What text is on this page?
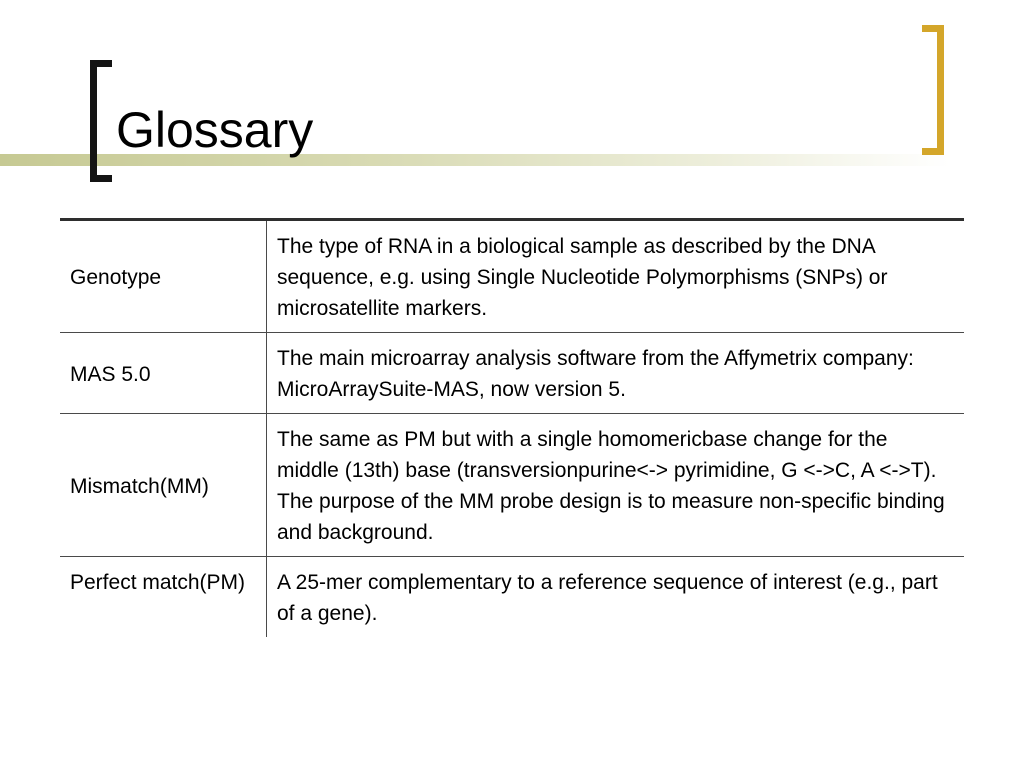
Glossary
Genotype	The type of RNA in a biological sample as described by the DNA sequence, e.g. using Single Nucleotide Polymorphisms (SNPs) or microsatellite markers.
MAS 5.0	The main microarray analysis software from the Affymetrix company: MicroArraySuite-MAS, now version 5.
Mismatch(MM)	The same as PM but with a single homomericbase change for the middle (13th) base (transversionpurine<-> pyrimidine, G <->C, A <->T). The purpose of the MM probe design is to measure non-specific binding and background.
Perfect match(PM)	A 25-mer complementary to a reference sequence of interest (e.g., part of a gene).
